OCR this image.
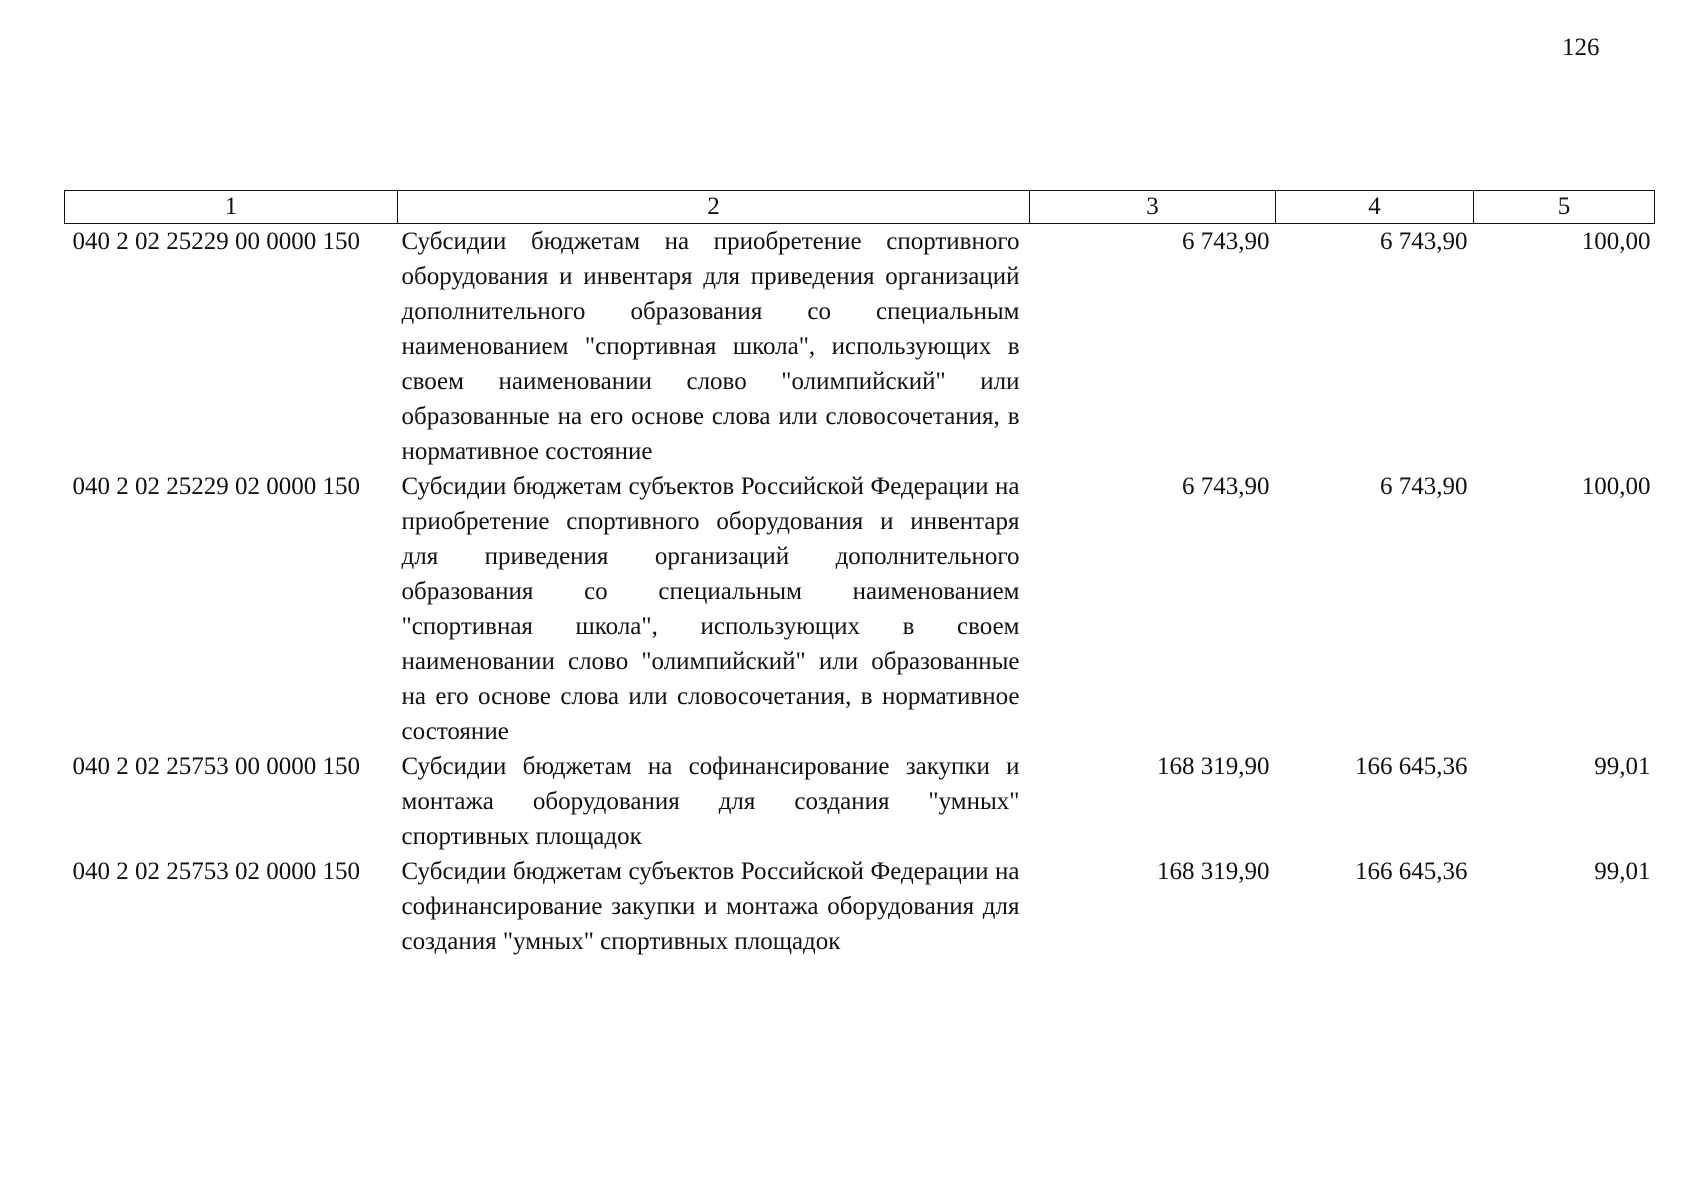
126
1	2	3	4	5
040 2 02 25229 00 0000 150	Субсидии бюджетам на приобретение спортивного оборудования и инвентаря для приведения организаций дополнительного образования со специальным наименованием "спортивная школа", использующих в своем наименовании слово "олимпийский" или образованные на его основе слова или словосочетания, в нормативное состояние	6 743,90	6 743,90	100,00
040 2 02 25229 02 0000 150	Субсидии бюджетам субъектов Российской Федерации на приобретение спортивного оборудования и инвентаря для приведения организаций дополнительного образования со специальным наименованием "спортивная школа", использующих в своем наименовании слово "олимпийский" или образованные на его основе слова или словосочетания, в нормативное состояние	6 743,90	6 743,90	100,00
040 2 02 25753 00 0000 150	Субсидии бюджетам на софинансирование закупки и монтажа оборудования для создания "умных" спортивных площадок	168 319,90	166 645,36	99,01
040 2 02 25753 02 0000 150	Субсидии бюджетам субъектов Российской Федерации на софинансирование закупки и монтажа оборудования для создания "умных" спортивных площадок	168 319,90	166 645,36	99,01
